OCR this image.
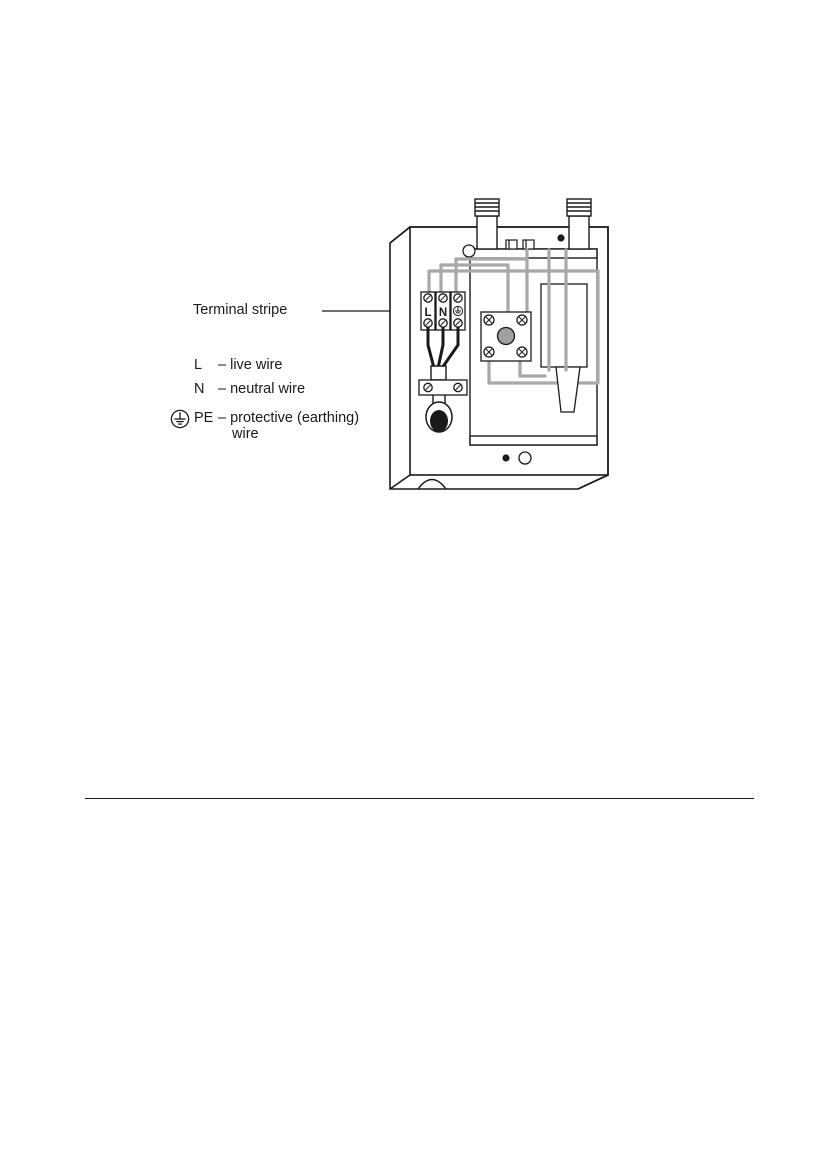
Terminal stripe
L – live wire
N – neutral wire
PE – protective (earthing)
wire
L N
